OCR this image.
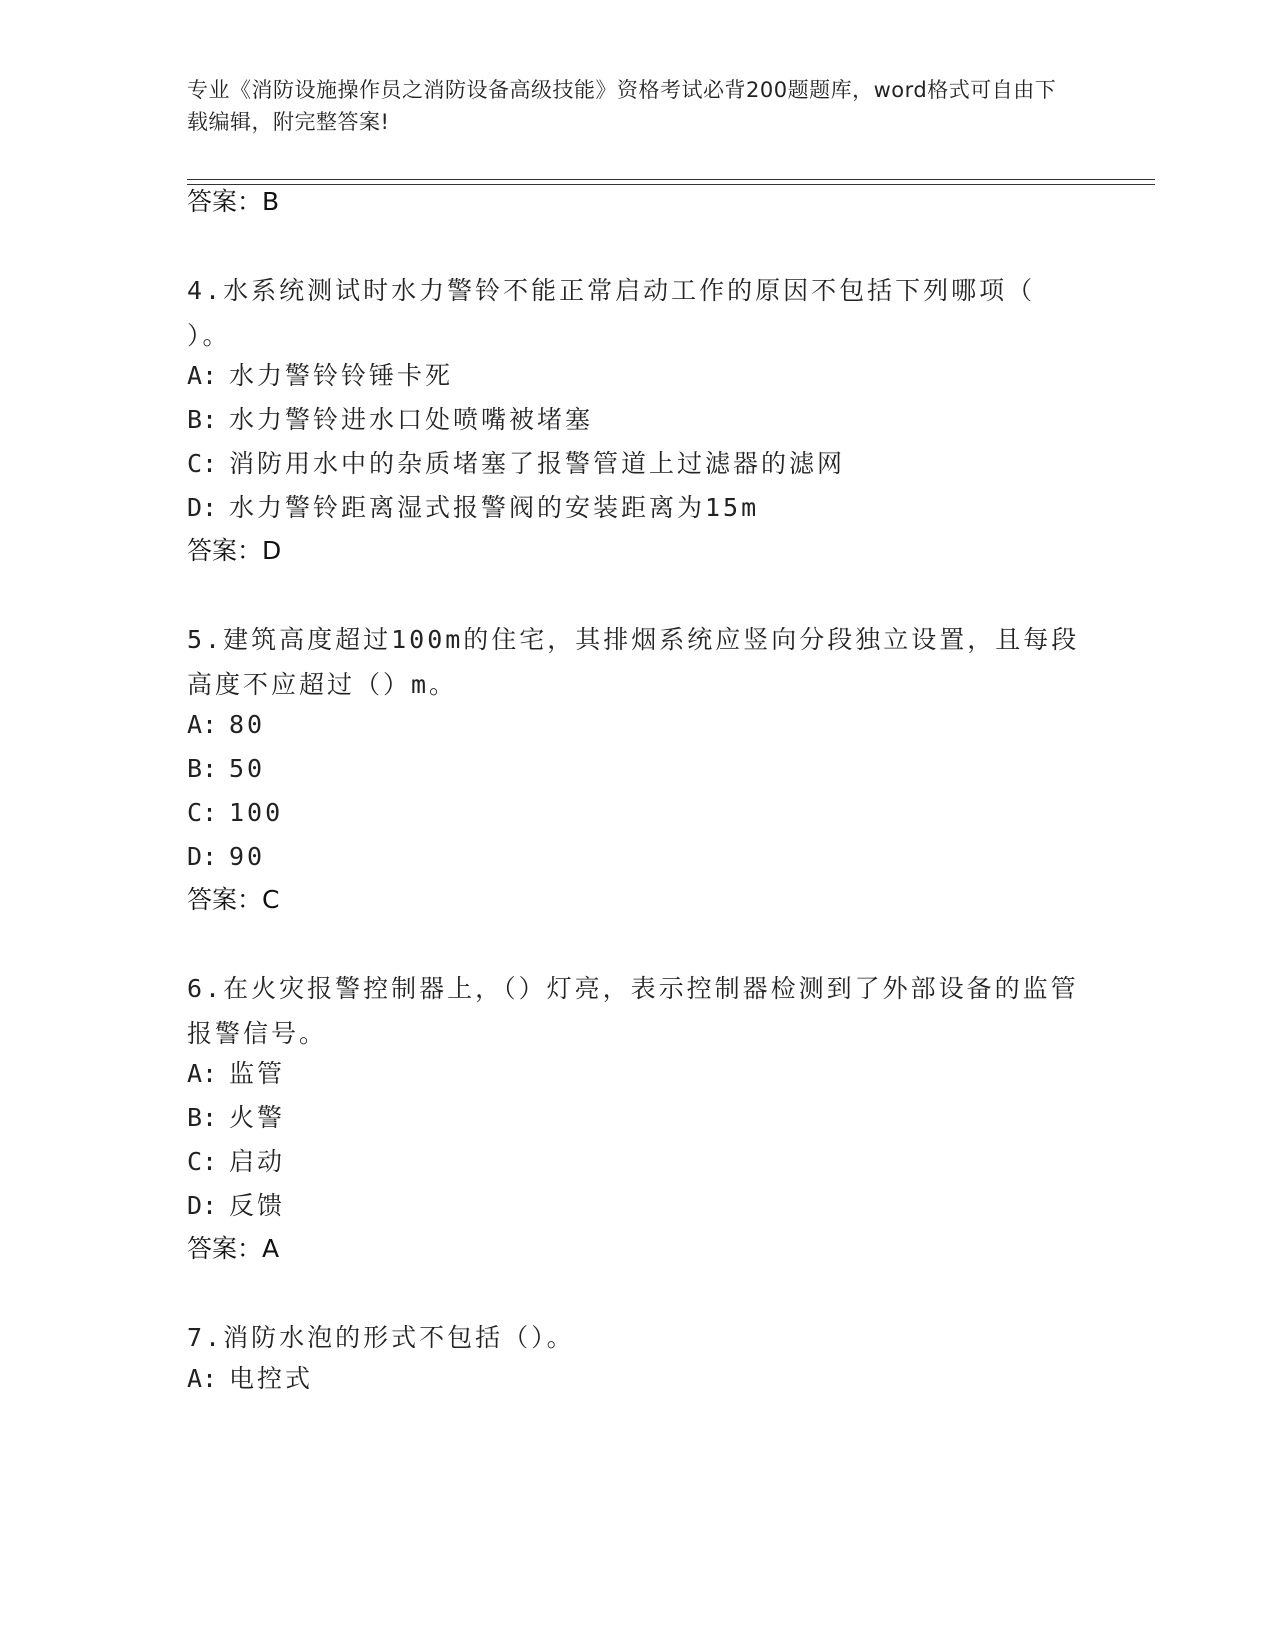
专业《消防设施操作员之消防设备高级技能》资格考试必背200题题库，word格式可自由下载编辑，附完整答案!

答案：B

4.水系统测试时水力警铃不能正常启动工作的原因不包括下列哪项（ ）。

A: 水力警铃铃锤卡死

B: 水力警铃进水口处喷嘴被堵塞

C: 消防用水中的杂质堵塞了报警管道上过滤器的滤网

D: 水力警铃距离湿式报警阀的安装距离为15m

答案：D

5.建筑高度超过100m的住宅，其排烟系统应竖向分段独立设置，且每段高度不应超过（）m。

A: 80

B: 50

C: 100

D: 90

答案：C

6.在火灾报警控制器上，（）灯亮，表示控制器检测到了外部设备的监管报警信号。

A: 监管

B: 火警

C: 启动

D: 反馈

答案：A

7.消防水泡的形式不包括（）。

A: 电控式
